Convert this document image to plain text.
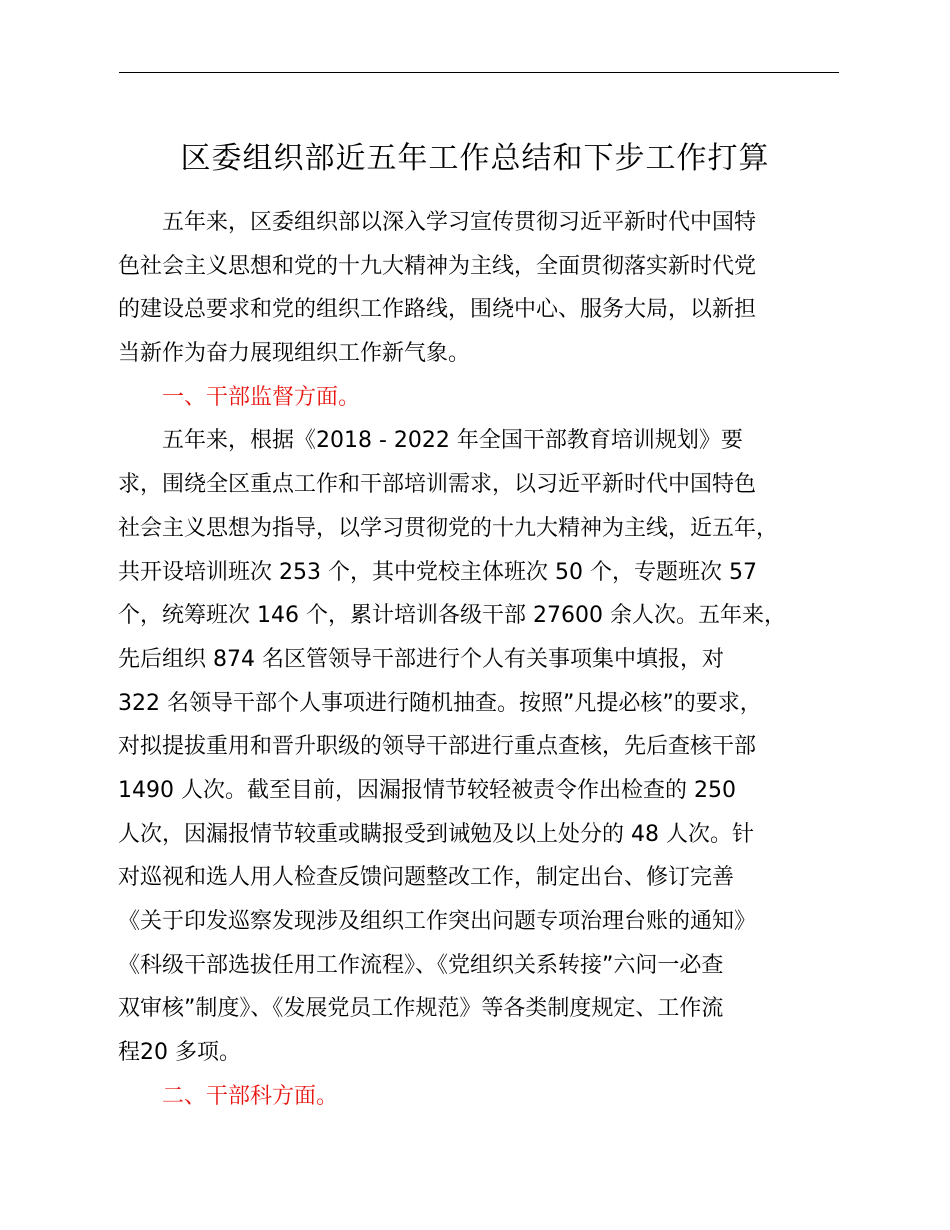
区委组织部近五年工作总结和下步工作打算
五年来，区委组织部以深入学习宣传贯彻习近平新时代中国特
色社会主义思想和党的十九大精神为主线，全面贯彻落实新时代党
的建设总要求和党的组织工作路线，围绕中心、服务大局，以新担
当新作为奋力展现组织工作新气象。
一、干部监督方面。
五年来，根据《2018 - 2022 年全国干部教育培训规划》要
求，围绕全区重点工作和干部培训需求，以习近平新时代中国特色
社会主义思想为指导，以学习贯彻党的十九大精神为主线，近五年，
共开设培训班次 253 个，其中党校主体班次 50 个，专题班次 57
个，统筹班次 146 个，累计培训各级干部 27600 余人次。五年来，
先后组织 874 名区管领导干部进行个人有关事项集中填报，对
322 名领导干部个人事项进行随机抽查。按照”凡提必核”的要求，
对拟提拔重用和晋升职级的领导干部进行重点查核，先后查核干部
1490 人次。截至目前，因漏报情节较轻被责令作出检查的 250
人次，因漏报情节较重或瞒报受到诫勉及以上处分的 48 人次。针
对巡视和选人用人检查反馈问题整改工作，制定出台、修订完善
《关于印发巡察发现涉及组织工作突出问题专项治理台账的通知》
《科级干部选拔任用工作流程》、《党组织关系转接”六问一必查
双审核”制度》、《发展党员工作规范》等各类制度规定、工作流
程20 多项。
二、干部科方面。
